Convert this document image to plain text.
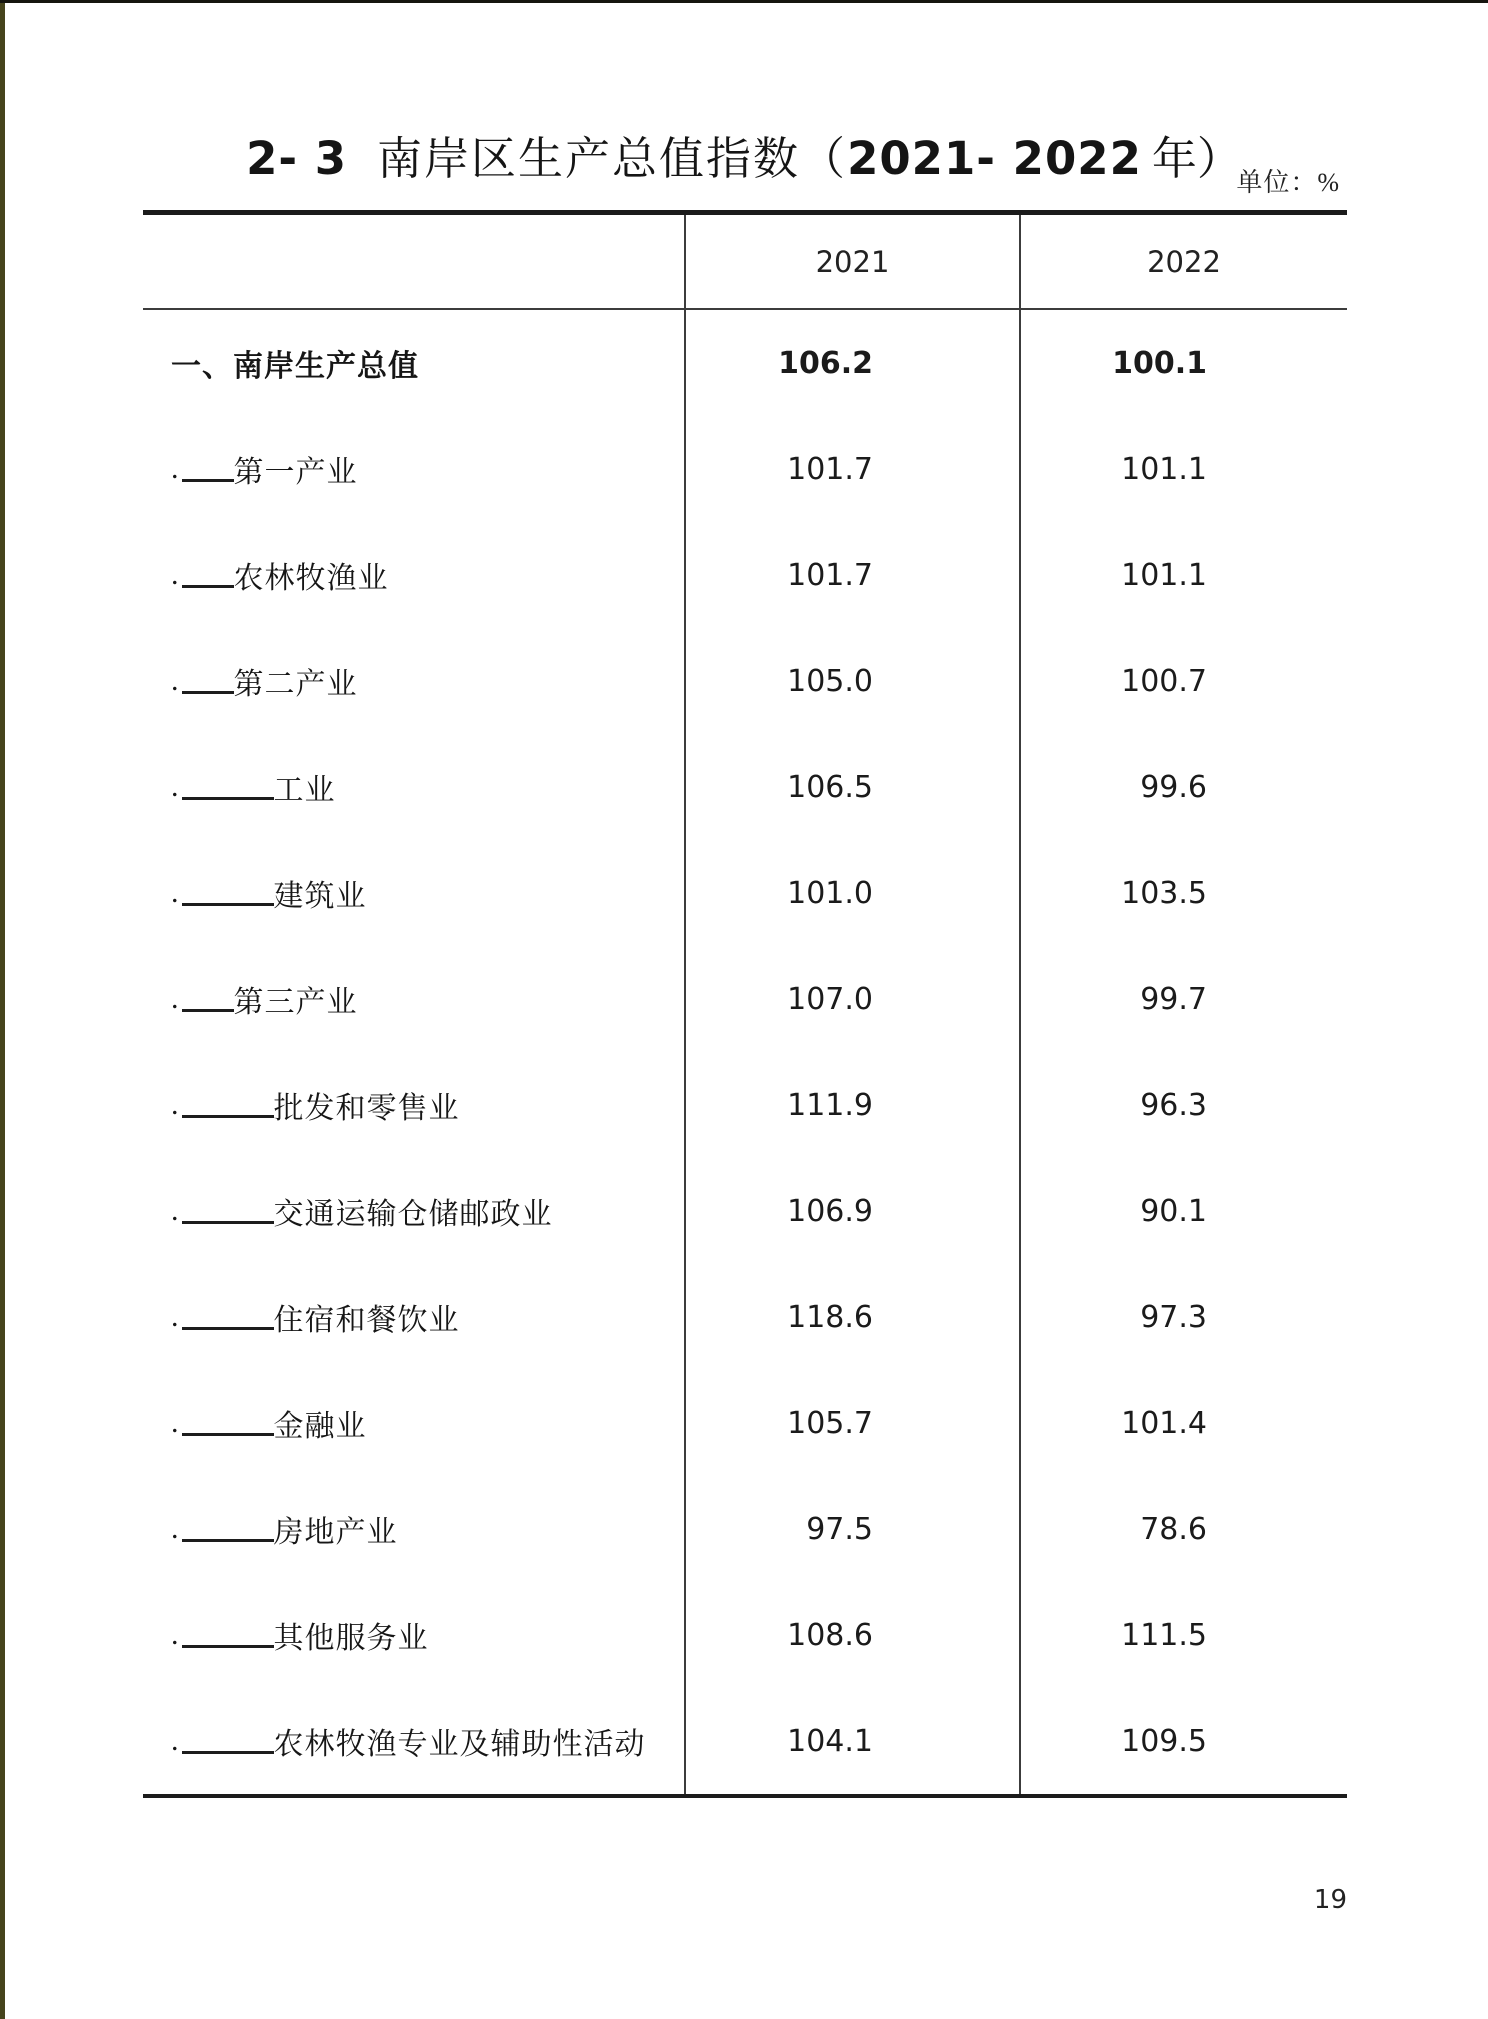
2- 3 南岸区生产总值指数（2021- 2022 年）
单位：%
2021	2022
一、南岸生产总值	106.2	100.1
. 第一产业	101.7	101.1
. 农林牧渔业	101.7	101.1
. 第二产业	105.0	100.7
.	工业	106.5	99.6
.	建筑业	101.0	103.5
. 第三产业	107.0	99.7
.	批发和零售业	111.9	96.3
.	交通运输仓储邮政业	106.9	90.1
.	住宿和餐饮业	118.6	97.3
.	金融业	105.7	101.4
.	房地产业	97.5	78.6
.	其他服务业	108.6	111.5
.	农林牧渔专业及辅助性活动	104.1	109.5
19
